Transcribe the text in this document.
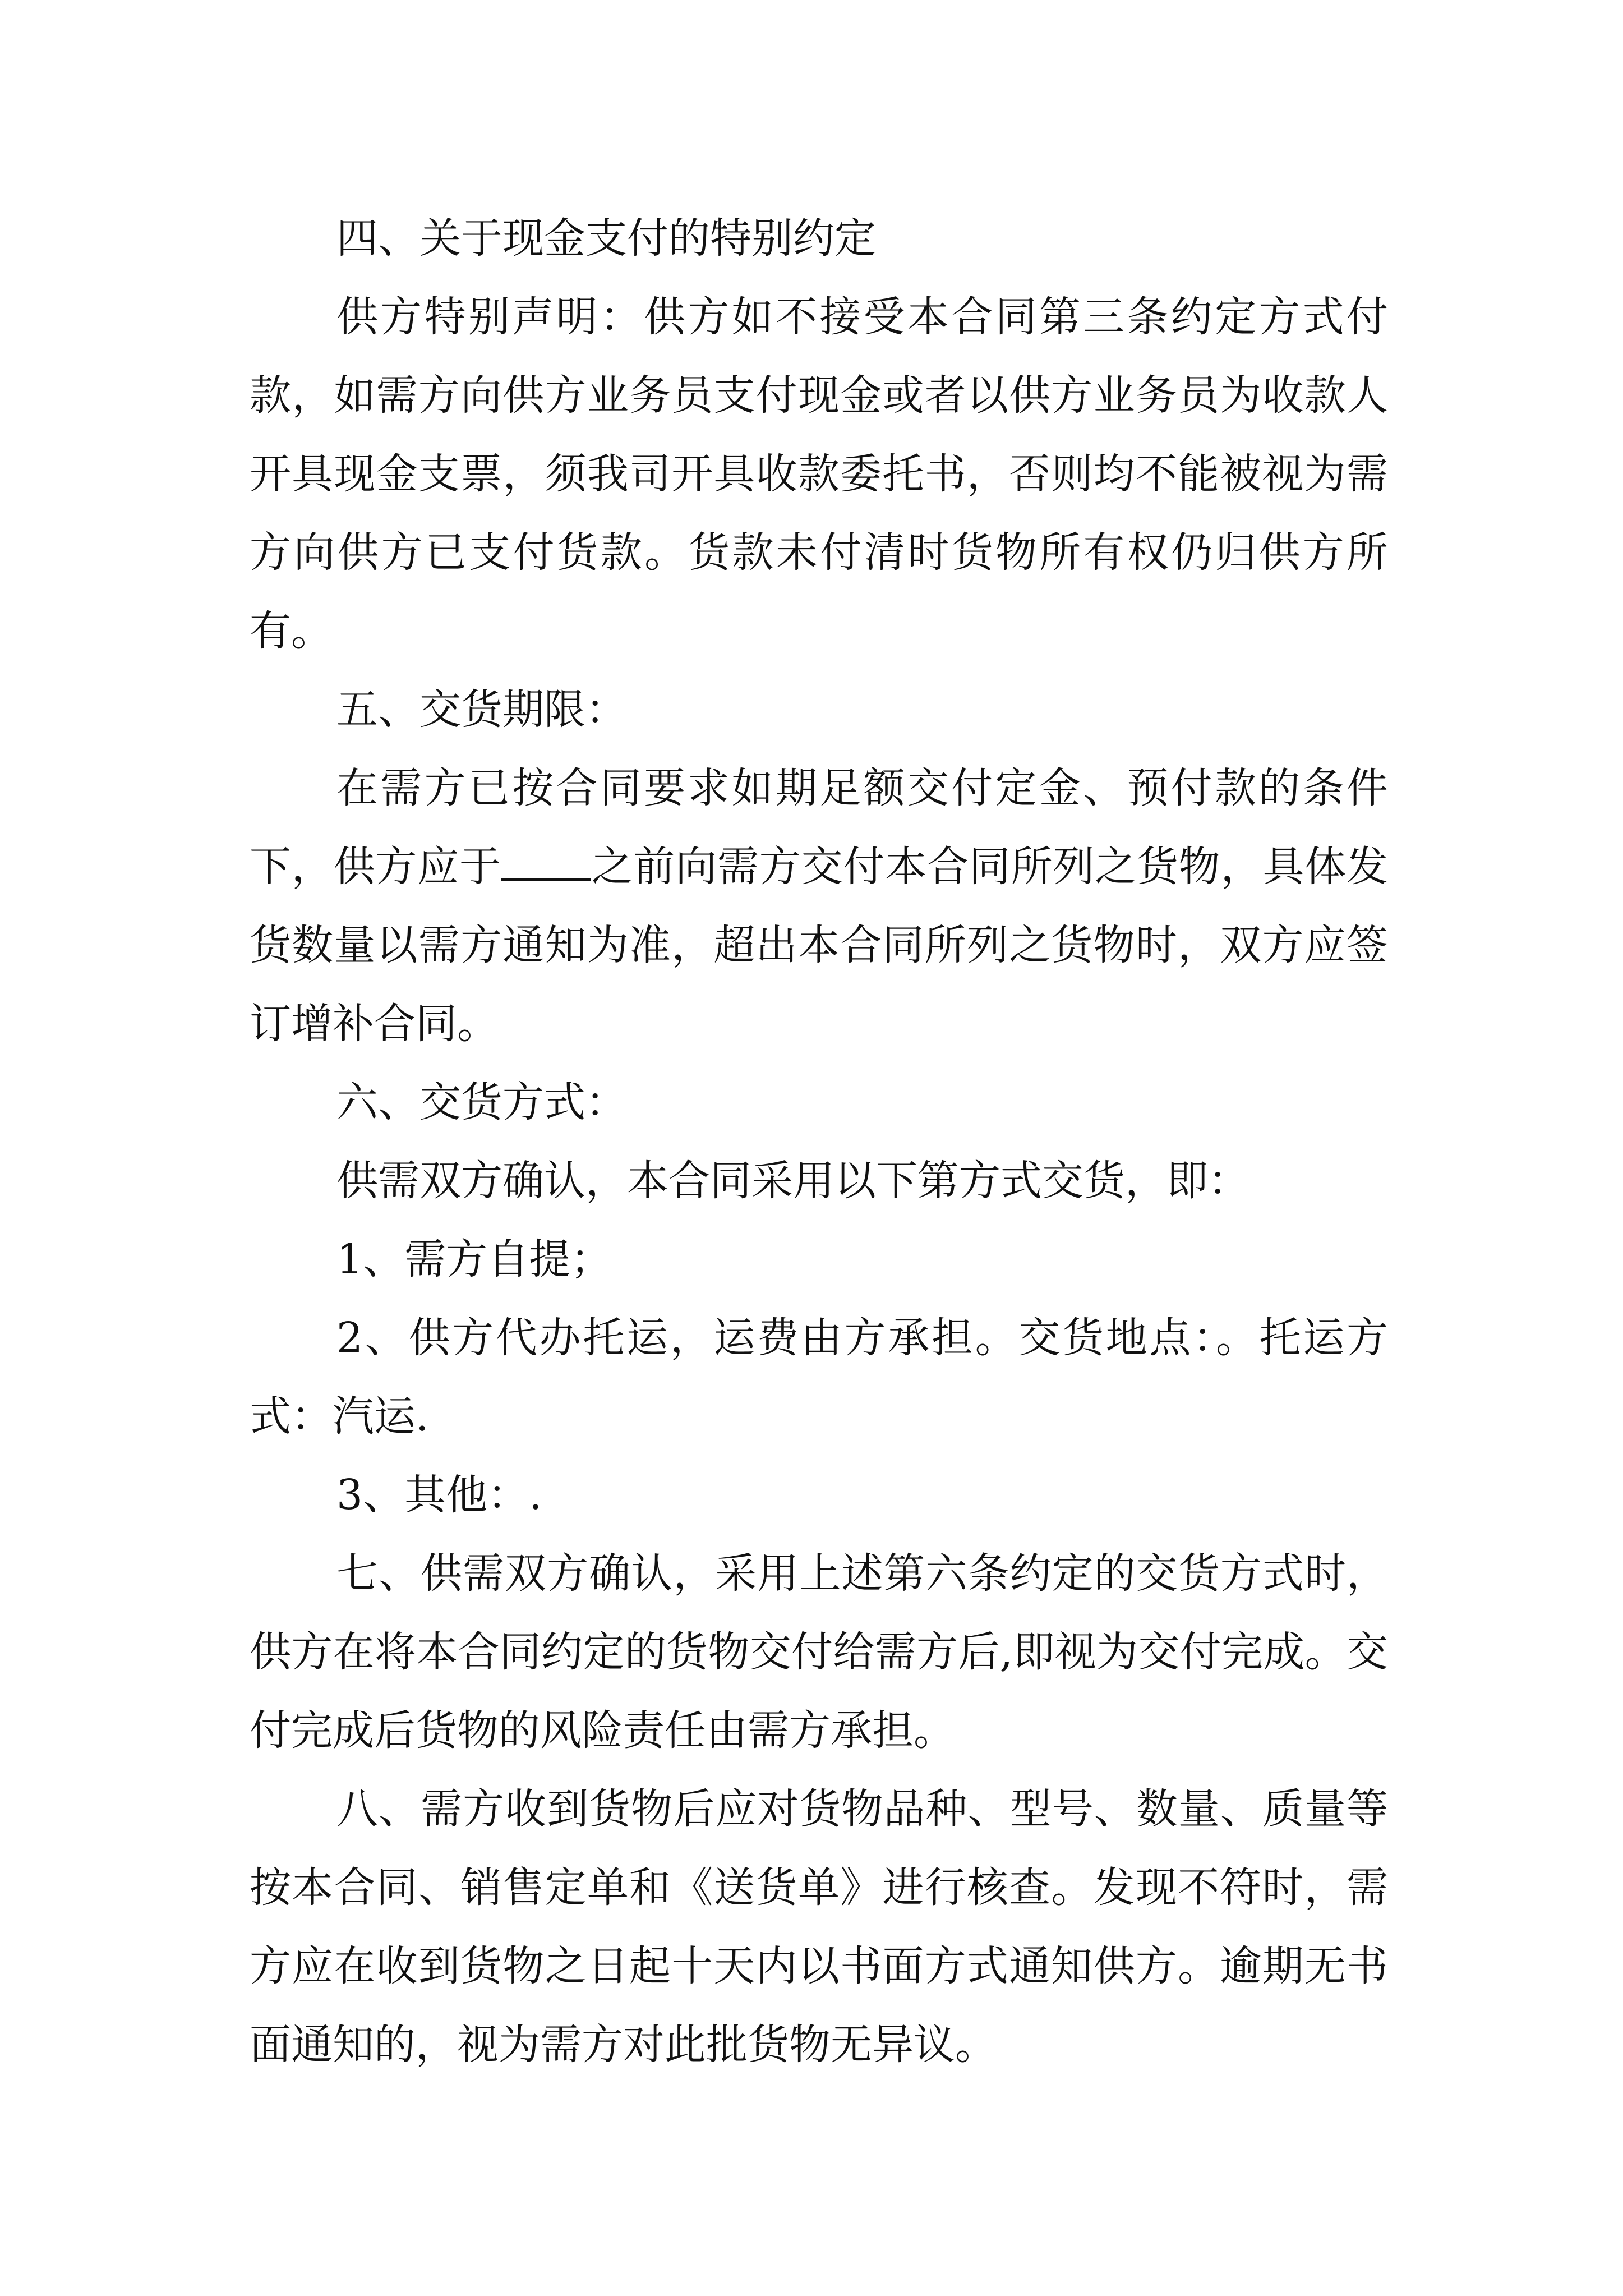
四、关于现金支付的特别约定

供方特别声明：供方如不接受本合同第三条约定方式付款，如需方向供方业务员支付现金或者以供方业务员为收款人开具现金支票，须我司开具收款委托书，否则均不能被视为需方向供方已支付货款。货款未付清时货物所有权仍归供方所有。

五、交货期限：

在需方已按合同要求如期足额交付定金、预付款的条件下，供方应于 之前向需方交付本合同所列之货物，具体发货数量以需方通知为准，超出本合同所列之货物时，双方应签订增补合同。

六、交货方式：

供需双方确认，本合同采用以下第方式交货，即：

1、需方自提；

2、供方代办托运，运费由方承担。交货地点：。托运方式：汽运.

3、其他：.

七、供需双方确认，采用上述第六条约定的交货方式时，供方在将本合同约定的货物交付给需方后,即视为交付完成。交付完成后货物的风险责任由需方承担。

八、需方收到货物后应对货物品种、型号、数量、质量等按本合同、销售定单和《送货单》进行核查。发现不符时，需方应在收到货物之日起十天内以书面方式通知供方。逾期无书面通知的，视为需方对此批货物无异议。
